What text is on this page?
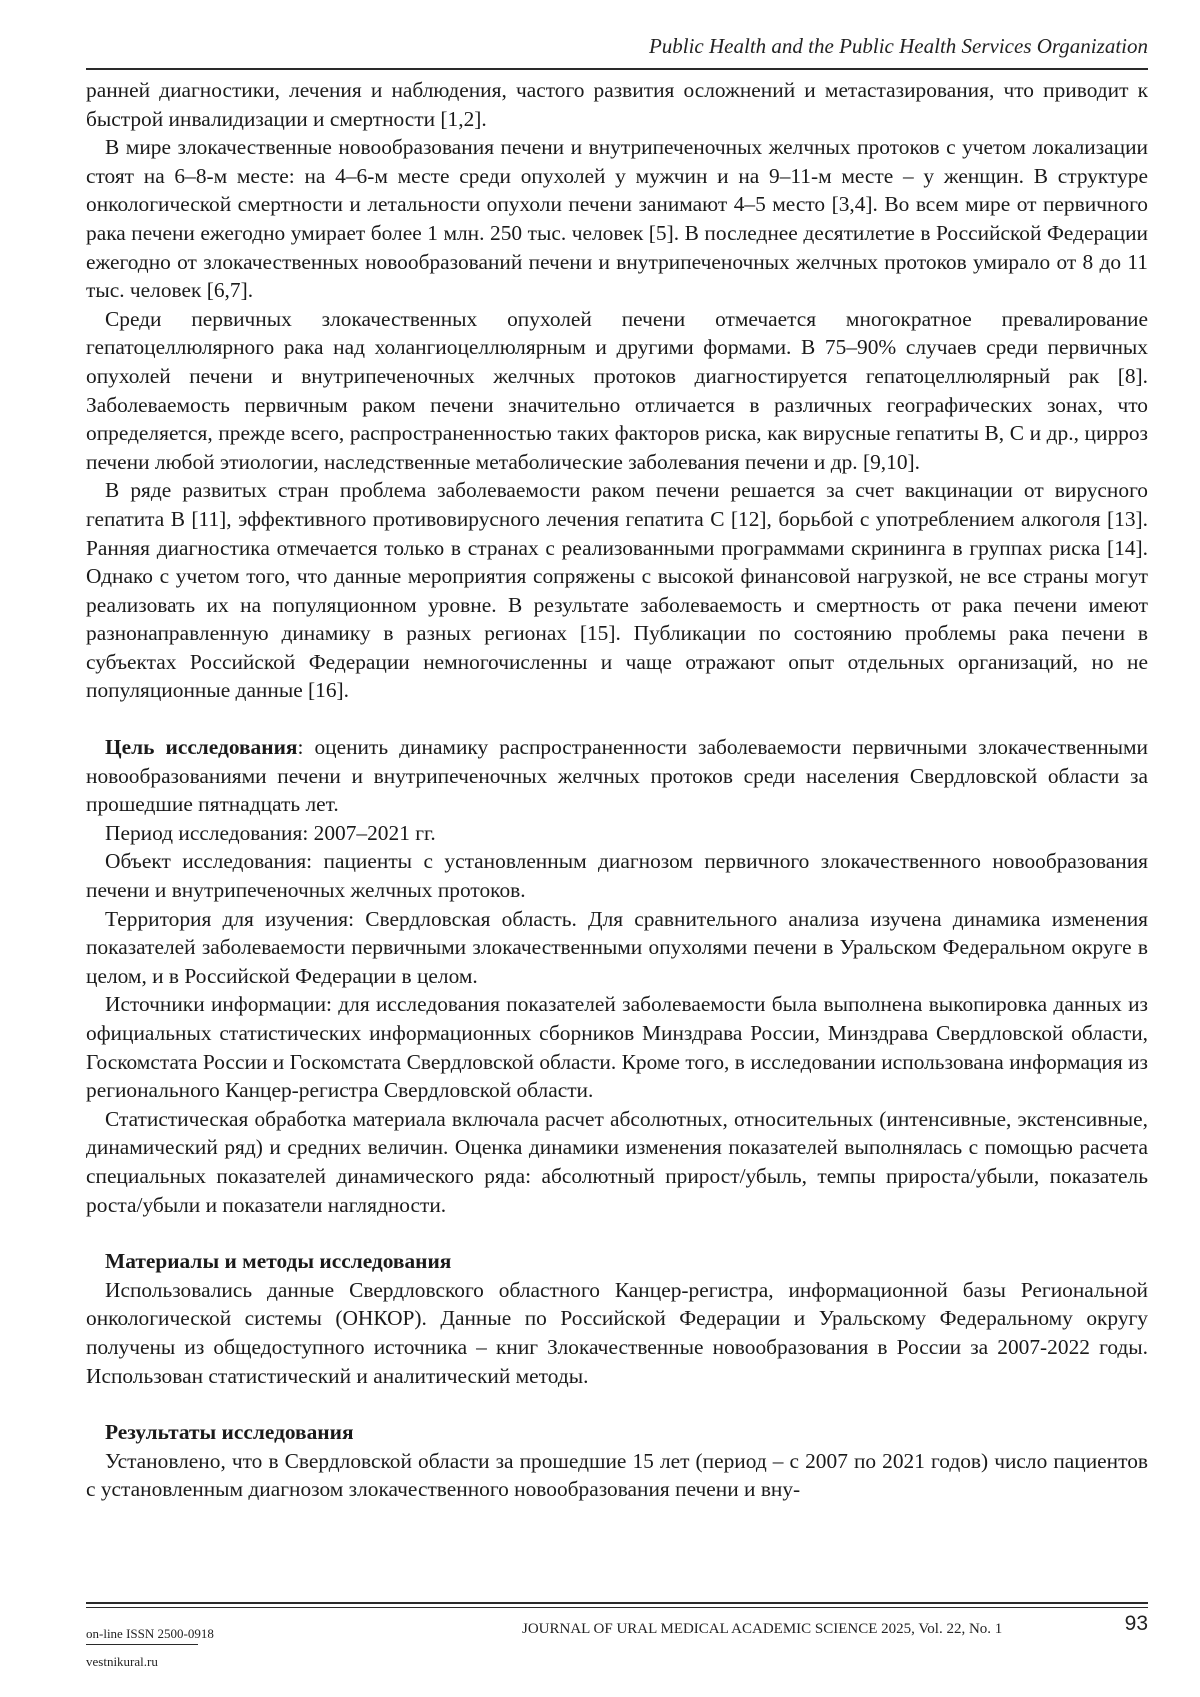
Public Health and the Public Health Services Organization

ранней диагностики, лечения и наблюдения, частого развития осложнений и метастазирования, что приводит к быстрой инвалидизации и смертности [1,2].

В мире злокачественные новообразования печени и внутрипеченочных желчных протоков с учетом локализации стоят на 6–8-м месте: на 4–6-м месте среди опухолей у мужчин и на 9–11-м месте – у женщин. В структуре онкологической смертности и летальности опухоли печени занимают 4–5 место [3,4]. Во всем мире от первичного рака печени ежегодно умирает более 1 млн. 250 тыс. человек [5]. В последнее десятилетие в Российской Федерации ежегодно от злокачественных новообразований печени и внутрипеченочных желчных протоков умирало от 8 до 11 тыс. человек [6,7].

Среди первичных злокачественных опухолей печени отмечается многократное превалирование гепатоцеллюлярного рака над холангиоцеллюлярным и другими формами. В 75–90% случаев среди первичных опухолей печени и внутрипеченочных желчных протоков диагностируется гепатоцеллюлярный рак [8]. Заболеваемость первичным раком печени значительно отличается в различных географических зонах, что определяется, прежде всего, распространенностью таких факторов риска, как вирусные гепатиты В, С и др., цирроз печени любой этиологии, наследственные метаболические заболевания печени и др. [9,10].

В ряде развитых стран проблема заболеваемости раком печени решается за счет вакцинации от вирусного гепатита В [11], эффективного противовирусного лечения гепатита С [12], борьбой с употреблением алкоголя [13]. Ранняя диагностика отмечается только в странах с реализованными программами скрининга в группах риска [14]. Однако с учетом того, что данные мероприятия сопряжены с высокой финансовой нагрузкой, не все страны могут реализовать их на популяционном уровне. В результате заболеваемость и смертность от рака печени имеют разнонаправленную динамику в разных регионах [15]. Публикации по состоянию проблемы рака печени в субъектах Российской Федерации немногочисленны и чаще отражают опыт отдельных организаций, но не популяционные данные [16].

Цель исследования: оценить динамику распространенности заболеваемости первичными злокачественными новообразованиями печени и внутрипеченочных желчных протоков среди населения Свердловской области за прошедшие пятнадцать лет.

Период исследования: 2007–2021 гг.

Объект исследования: пациенты с установленным диагнозом первичного злокачественного новообразования печени и внутрипеченочных желчных протоков.

Территория для изучения: Свердловская область. Для сравнительного анализа изучена динамика изменения показателей заболеваемости первичными злокачественными опухолями печени в Уральском Федеральном округе в целом, и в Российской Федерации в целом.

Источники информации: для исследования показателей заболеваемости была выполнена выкопировка данных из официальных статистических информационных сборников Минздрава России, Минздрава Свердловской области, Госкомстата России и Госкомстата Свердловской области. Кроме того, в исследовании использована информация из регионального Канцер-регистра Свердловской области.

Статистическая обработка материала включала расчет абсолютных, относительных (интенсивные, экстенсивные, динамический ряд) и средних величин. Оценка динамики изменения показателей выполнялась с помощью расчета специальных показателей динамического ряда: абсолютный прирост/убыль, темпы прироста/убыли, показатель роста/убыли и показатели наглядности.

Материалы и методы исследования

Использовались данные Свердловского областного Канцер-регистра, информационной базы Региональной онкологической системы (ОНКОР). Данные по Российской Федерации и Уральскому Федеральному округу получены из общедоступного источника – книг Злокачественные новообразования в России за 2007-2022 годы. Использован статистический и аналитический методы.

Результаты исследования

Установлено, что в Свердловской области за прошедшие 15 лет (период – с 2007 по 2021 годов) число пациентов с установленным диагнозом злокачественного новообразования печени и вну-

on-line ISSN 2500-0918
vestnikural.ru
JOURNAL OF URAL MEDICAL ACADEMIC SCIENCE 2025, Vol. 22, No. 1	93
